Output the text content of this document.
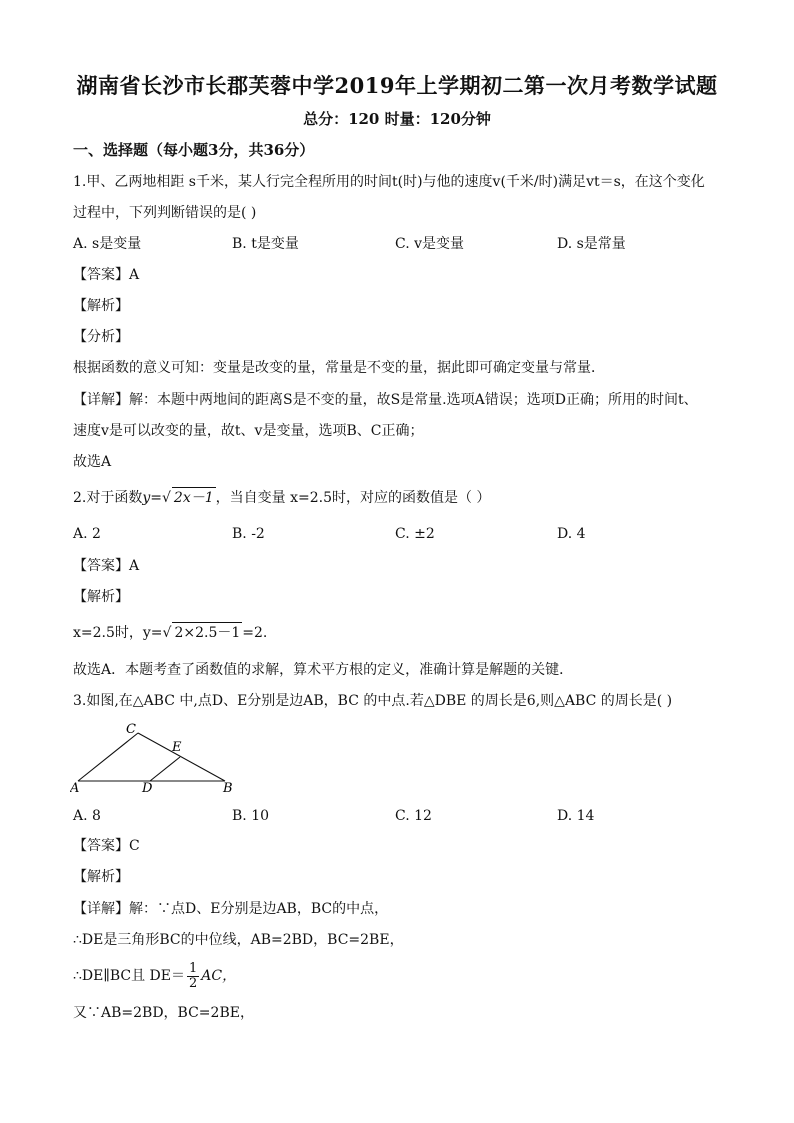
湖南省长沙市长郡芙蓉中学2019年上学期初二第一次月考数学试题
总分：120 时量：120分钟
一、选择题（每小题3分，共36分）
1.甲、乙两地相距 s千米，某人行完全程所用的时间t(时)与他的速度v(千米/时)满足vt＝s，在这个变化
过程中，下列判断错误的是( )
A. s是变量	B. t是变量	C. v是变量	D. s是常量
【答案】A
【解析】
【分析】
根据函数的意义可知：变量是改变的量，常量是不变的量，据此即可确定变量与常量．
【详解】解：本题中两地间的距离S是不变的量，故S是常量.选项A错误；选项D正确；所用的时间t、
速度v是可以改变的量，故t、v是变量，选项B、C正确；
故选A
2.对于函数y=√ 2x－1 ，当自变量 x=2.5时，对应的函数值是（ ）
A. 2	B. -2	C. ±2	D. 4
【答案】A
【解析】
x=2.5时，y=√ 2×2.5－1 =2.
故选A．本题考查了函数值的求解，算术平方根的定义，准确计算是解题的关键．
3.如图,在△ABC 中,点D、E分别是边AB，BC 的中点.若△DBE 的周长是6,则△ABC 的周长是( )
A	B
C
D
E
A. 8	B. 10	C. 12	D. 14
【答案】C
【解析】
【详解】解：∵点D、E分别是边AB，BC的中点，
∴DE是三角形BC的中位线，AB=2BD，BC=2BE，
∴DE∥BC且 $DE= \frac{1}{2}$ AC，
又∵AB=2BD，BC=2BE，
